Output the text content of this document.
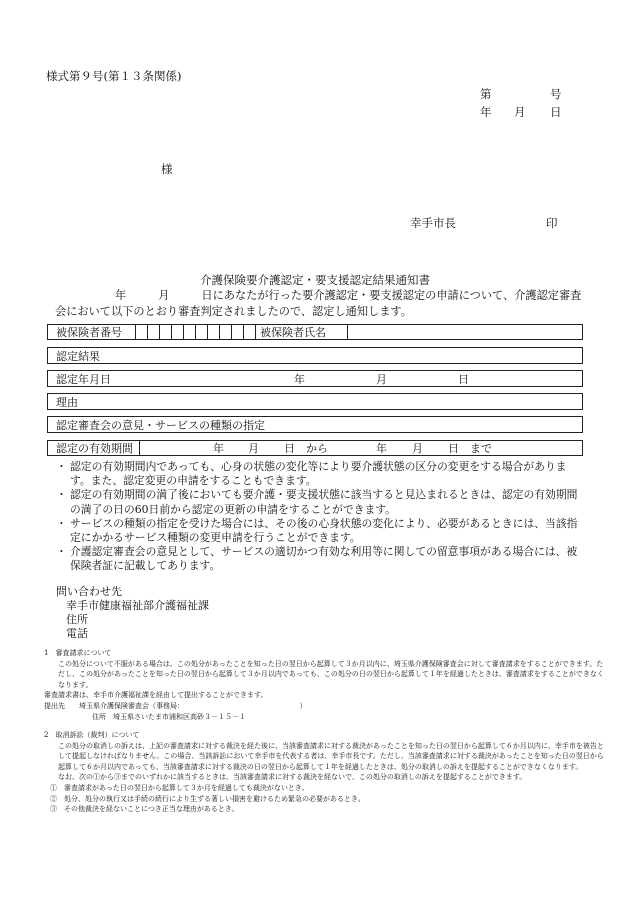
様式第９号(第１３条関係)
第	号
年 月 日
様
幸手市長	印
介護保険要介護認定・要支援認定結果通知書
年	月	日にあなたが行った要介護認定・要支援認定の申請について、介護認定審査会において以下のとおり審査判定されましたので、認定し通知します。
被保険者番号	被保険者氏名
認定結果
認定年月日	年	月	日
理由
認定審査会の意見・サービスの種類の指定
認定の有効期間	年 月 日 から	年 月 日 まで
・ 認定の有効期間内であっても、心身の状態の変化等により要介護状態の区分の変更をする場合があります。また、認定変更の申請をすることもできます。
・ 認定の有効期間の満了後においても要介護・要支援状態に該当すると見込まれるときは、認定の有効期間の満了の日の60日前から認定の更新の申請をすることができます。
・ サービスの種類の指定を受けた場合には、その後の心身状態の変化により、必要があるときには、当該指定にかかるサービス種類の変更申請を行うことができます。
・ 介護認定審査会の意見として、サービスの適切かつ有効な利用等に関しての留意事項がある場合には、被保険者証に記載してあります。
問い合わせ先
幸手市健康福祉部介護福祉課
住所
電話

1　審査請求について

この処分について不服がある場合は、この処分があったことを知った日の翌日から起算して３か月以内に、埼玉県介護保険審査会に対して審査請求をすることができます。ただし、この処分があったことを知った日の翌日から起算して３か月以内であっても、この処分の日の翌日から起算して１年を経過したときは、審査請求をすることができなくなります。

審査請求書は、幸手市介護福祉課を経由して提出することができます。

提出先　　埼玉県介護保険審査会（事務局：　　　　　　　　　　　　　　　　　）

住所　埼玉県さいたま市浦和区高砂３－１５－１

2　取消訴訟（裁判）について

この処分の取消しの訴えは、上記の審査請求に対する裁決を経た後に、当該審査請求に対する裁決があったことを知った日の翌日から起算して６か月以内に、幸手市を被告として提起しなければなりません。この場合、当該訴訟において幸手市を代表する者は、幸手市長です。ただし、当該審査請求に対する裁決があったことを知った日の翌日から起算して６か月以内であっても、当該審査請求に対する裁決の日の翌日から起算して１年を経過したときは、処分の取消しの訴えを提起することができなくなります。

なお、次の①から③までのいずれかに該当するときは、当該審査請求に対する裁決を経ないで、この処分の取消しの訴えを提起することができます。

①　審査請求があった日の翌日から起算して３か月を経過しても裁決がないとき。

②　処分、処分の執行又は手続の続行により生ずる著しい損害を避けるため緊急の必要があるとき。

③　その他裁決を経ないことにつき正当な理由があるとき。
